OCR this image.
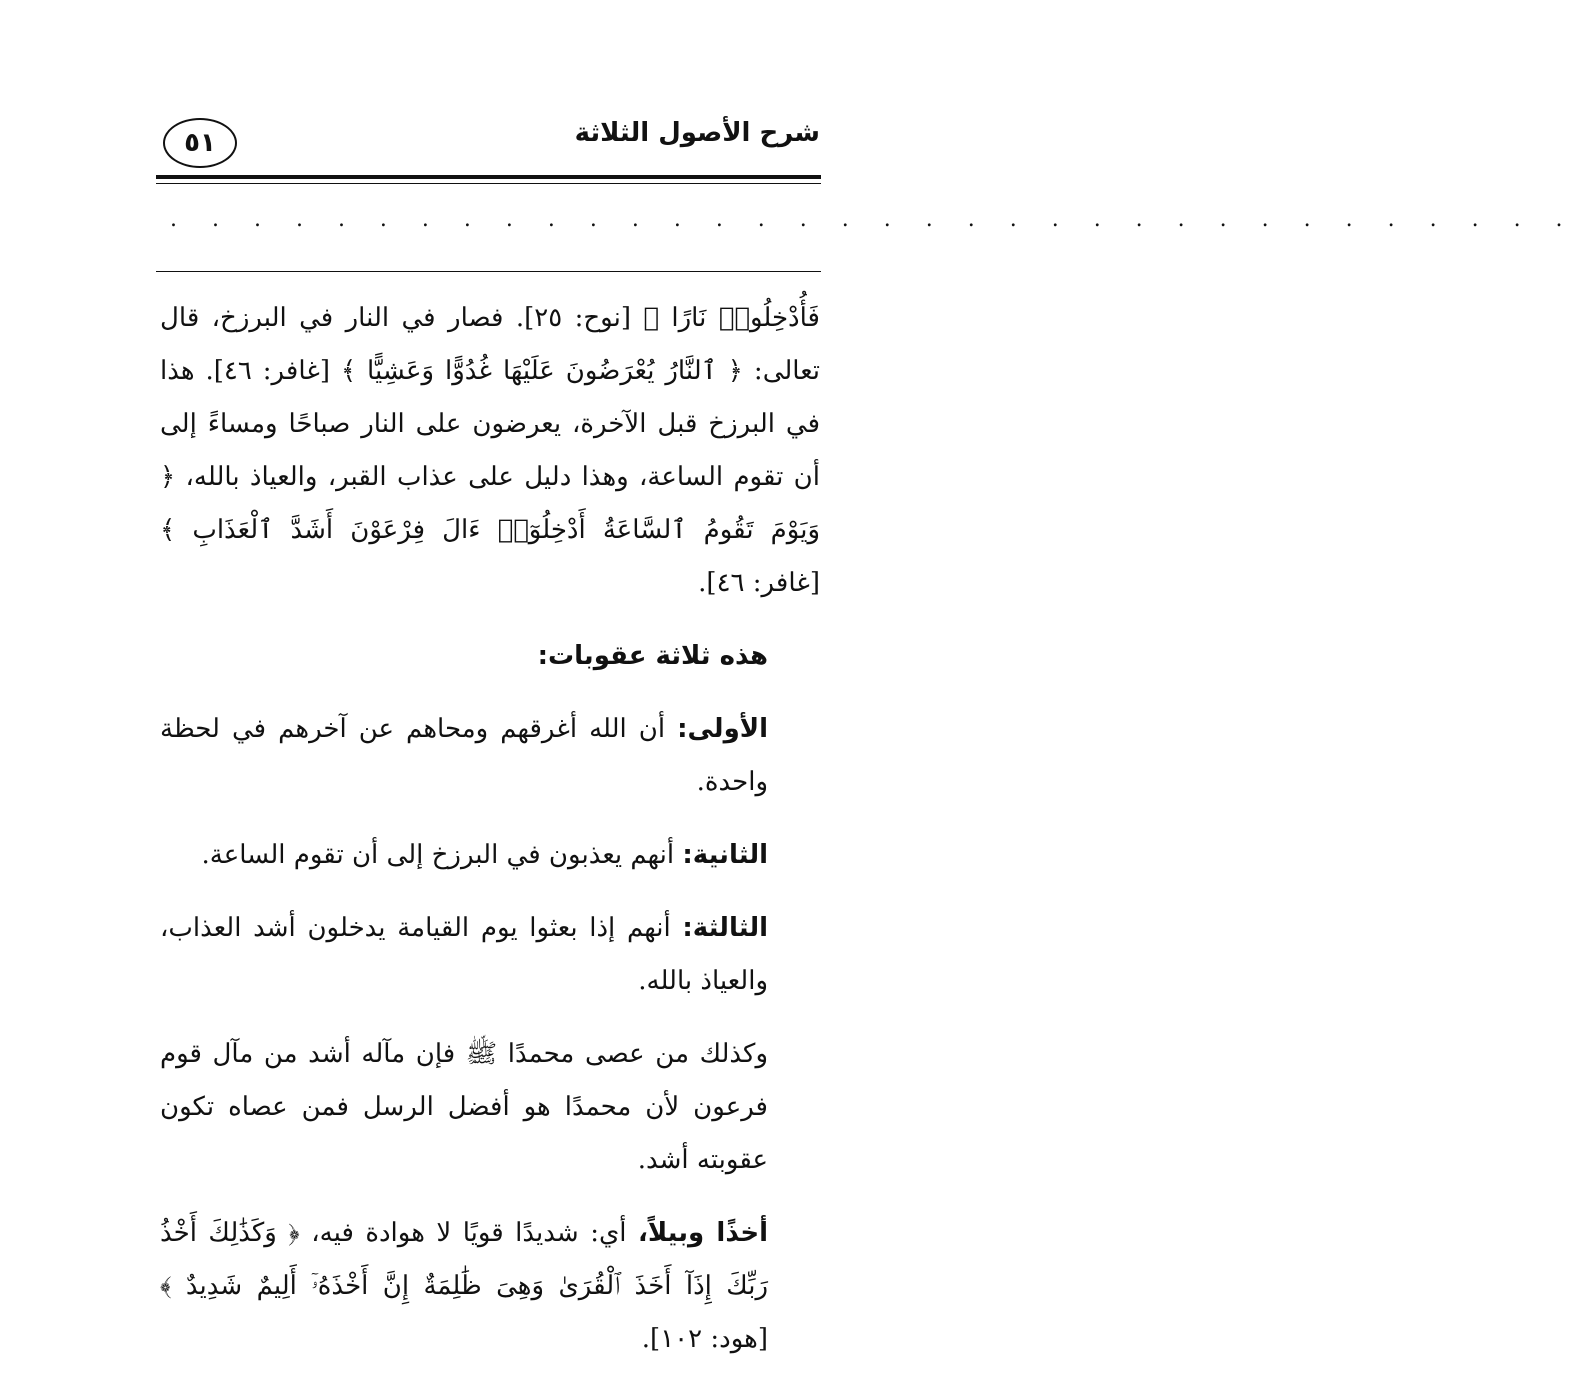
شرح الأصول الثلاثة
٥١
. . . . . . . . . . . . . . . . . . . . . . . . . . . . . . . . . .

فَأُدْخِلُوا۟ نَارًا ﴾ [نوح: ٢٥]. فصار في النار في البرزخ، قال تعالى: ﴿ ٱلنَّارُ يُعْرَضُونَ عَلَيْهَا غُدُوًّا وَعَشِيًّا ﴾ [غافر: ٤٦]. هذا في البرزخ قبل الآخرة، يعرضون على النار صباحًا ومساءً إلى أن تقوم الساعة، وهذا دليل على عذاب القبر، والعياذ بالله، ﴿ وَيَوْمَ تَقُومُ ٱلسَّاعَةُ أَدْخِلُوٓا۟ ءَالَ فِرْعَوْنَ أَشَدَّ ٱلْعَذَابِ ﴾ [غافر: ٤٦].

هذه ثلاثة عقوبات:

الأولى: أن الله أغرقهم ومحاهم عن آخرهم في لحظة واحدة.

الثانية: أنهم يعذبون في البرزخ إلى أن تقوم الساعة.

الثالثة: أنهم إذا بعثوا يوم القيامة يدخلون أشد العذاب، والعياذ بالله.

وكذلك من عصى محمدًا ﷺ فإن مآله أشد من مآل قوم فرعون لأن محمدًا هو أفضل الرسل فمن عصاه تكون عقوبته أشد.

أخذًا وبيلاً، أي: شديدًا قويًا لا هوادة فيه، ﴿ وَكَذَٰلِكَ أَخْذُ رَبِّكَ إِذَآ أَخَذَ ٱلْقُرَىٰ وَهِىَ ظَٰلِمَةٌ إِنَّ أَخْذَهُۥٓ أَلِيمٌ شَدِيدٌ ﴾ [هود: ١٠٢].
